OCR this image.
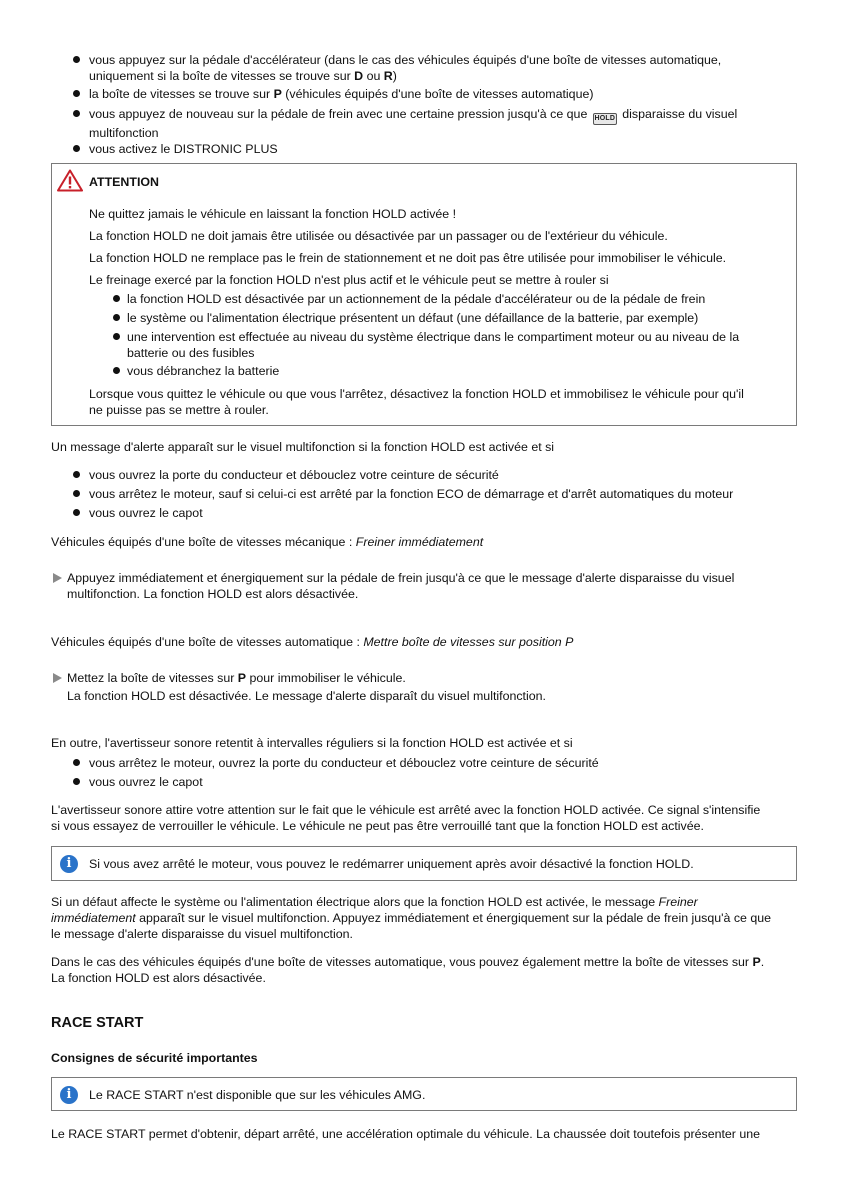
vous appuyez sur la pédale d'accélérateur (dans le cas des véhicules équipés d'une boîte de vitesses automatique,
uniquement si la boîte de vitesses se trouve sur D ou R)
la boîte de vitesses se trouve sur P (véhicules équipés d'une boîte de vitesses automatique)
vous appuyez de nouveau sur la pédale de frein avec une certaine pression jusqu'à ce que HOLD disparaisse du visuel
multifonction
vous activez le DISTRONIC PLUS
ATTENTION
Ne quittez jamais le véhicule en laissant la fonction HOLD activée !
La fonction HOLD ne doit jamais être utilisée ou désactivée par un passager ou de l'extérieur du véhicule.
La fonction HOLD ne remplace pas le frein de stationnement et ne doit pas être utilisée pour immobiliser le véhicule.
Le freinage exercé par la fonction HOLD n'est plus actif et le véhicule peut se mettre à rouler si
la fonction HOLD est désactivée par un actionnement de la pédale d'accélérateur ou de la pédale de frein
le système ou l'alimentation électrique présentent un défaut (une défaillance de la batterie, par exemple)
une intervention est effectuée au niveau du système électrique dans le compartiment moteur ou au niveau de la
batterie ou des fusibles
vous débranchez la batterie
Lorsque vous quittez le véhicule ou que vous l'arrêtez, désactivez la fonction HOLD et immobilisez le véhicule pour qu'il
ne puisse pas se mettre à rouler.
Un message d'alerte apparaît sur le visuel multifonction si la fonction HOLD est activée et si
vous ouvrez la porte du conducteur et débouclez votre ceinture de sécurité
vous arrêtez le moteur, sauf si celui-ci est arrêté par la fonction ECO de démarrage et d'arrêt automatiques du moteur
vous ouvrez le capot
Véhicules équipés d'une boîte de vitesses mécanique : Freiner immédiatement
Appuyez immédiatement et énergiquement sur la pédale de frein jusqu'à ce que le message d'alerte disparaisse du visuel
multifonction. La fonction HOLD est alors désactivée.
Véhicules équipés d'une boîte de vitesses automatique : Mettre boîte de vitesses sur position P
Mettez la boîte de vitesses sur P pour immobiliser le véhicule.
La fonction HOLD est désactivée. Le message d'alerte disparaît du visuel multifonction.
En outre, l'avertisseur sonore retentit à intervalles réguliers si la fonction HOLD est activée et si
vous arrêtez le moteur, ouvrez la porte du conducteur et débouclez votre ceinture de sécurité
vous ouvrez le capot
L'avertisseur sonore attire votre attention sur le fait que le véhicule est arrêté avec la fonction HOLD activée. Ce signal s'intensifie
si vous essayez de verrouiller le véhicule. Le véhicule ne peut pas être verrouillé tant que la fonction HOLD est activée.
i	Si vous avez arrêté le moteur, vous pouvez le redémarrer uniquement après avoir désactivé la fonction HOLD.
Si un défaut affecte le système ou l'alimentation électrique alors que la fonction HOLD est activée, le message Freiner
immédiatement apparaît sur le visuel multifonction. Appuyez immédiatement et énergiquement sur la pédale de frein jusqu'à ce que
le message d'alerte disparaisse du visuel multifonction.
Dans le cas des véhicules équipés d'une boîte de vitesses automatique, vous pouvez également mettre la boîte de vitesses sur P.
La fonction HOLD est alors désactivée.
RACE START
Consignes de sécurité importantes
i	Le RACE START n'est disponible que sur les véhicules AMG.
Le RACE START permet d'obtenir, départ arrêté, une accélération optimale du véhicule. La chaussée doit toutefois présenter une
